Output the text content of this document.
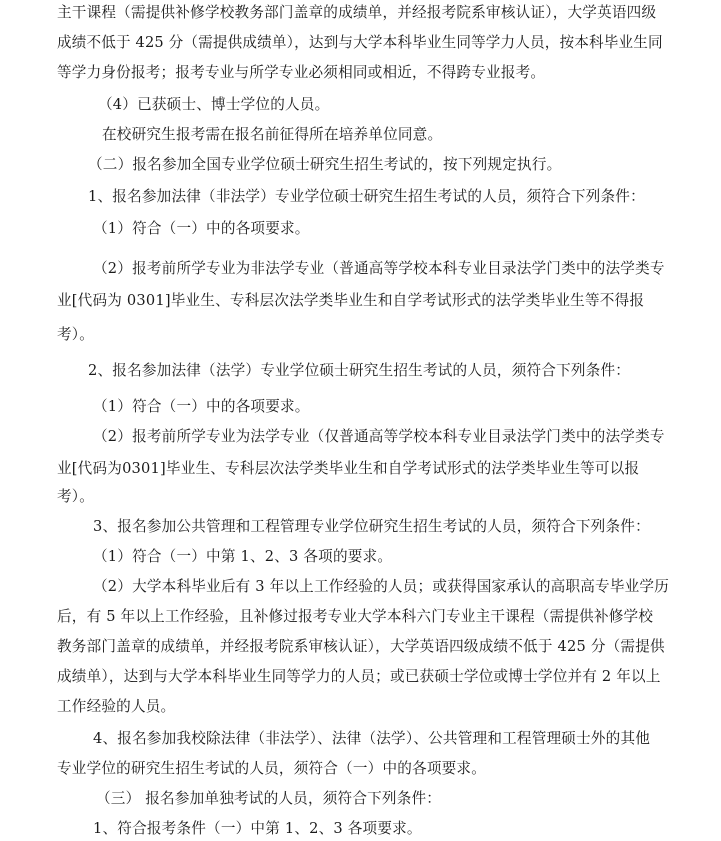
主干课程（需提供补修学校教务部门盖章的成绩单，并经报考院系审核认证），大学英语四级
成绩不低于 425 分（需提供成绩单），达到与大学本科毕业生同等学力人员，按本科毕业生同
等学力身份报考；报考专业与所学专业必须相同或相近，不得跨专业报考。
（4）已获硕士、博士学位的人员。
在校研究生报考需在报名前征得所在培养单位同意。
（二）报名参加全国专业学位硕士研究生招生考试的，按下列规定执行。
1、报名参加法律（非法学）专业学位硕士研究生招生考试的人员，须符合下列条件：
（1）符合（一）中的各项要求。
（2）报考前所学专业为非法学专业（普通高等学校本科专业目录法学门类中的法学类专
业[代码为 0301]毕业生、专科层次法学类毕业生和自学考试形式的法学类毕业生等不得报
考）。
2、报名参加法律（法学）专业学位硕士研究生招生考试的人员，须符合下列条件：
（1）符合（一）中的各项要求。
（2）报考前所学专业为法学专业（仅普通高等学校本科专业目录法学门类中的法学类专
业[代码为0301]毕业生、专科层次法学类毕业生和自学考试形式的法学类毕业生等可以报
考）。
3、报名参加公共管理和工程管理专业学位研究生招生考试的人员，须符合下列条件：
（1）符合（一）中第 1、2、3 各项的要求。
（2）大学本科毕业后有 3 年以上工作经验的人员；或获得国家承认的高职高专毕业学历
后，有 5 年以上工作经验，且补修过报考专业大学本科六门专业主干课程（需提供补修学校
教务部门盖章的成绩单，并经报考院系审核认证），大学英语四级成绩不低于 425 分（需提供
成绩单），达到与大学本科毕业生同等学力的人员；或已获硕士学位或博士学位并有 2 年以上
工作经验的人员。
4、报名参加我校除法律（非法学）、法律（法学）、公共管理和工程管理硕士外的其他
专业学位的研究生招生考试的人员，须符合（一）中的各项要求。
（三） 报名参加单独考试的人员，须符合下列条件：
1、符合报考条件（一）中第 1、2、3 各项要求。
